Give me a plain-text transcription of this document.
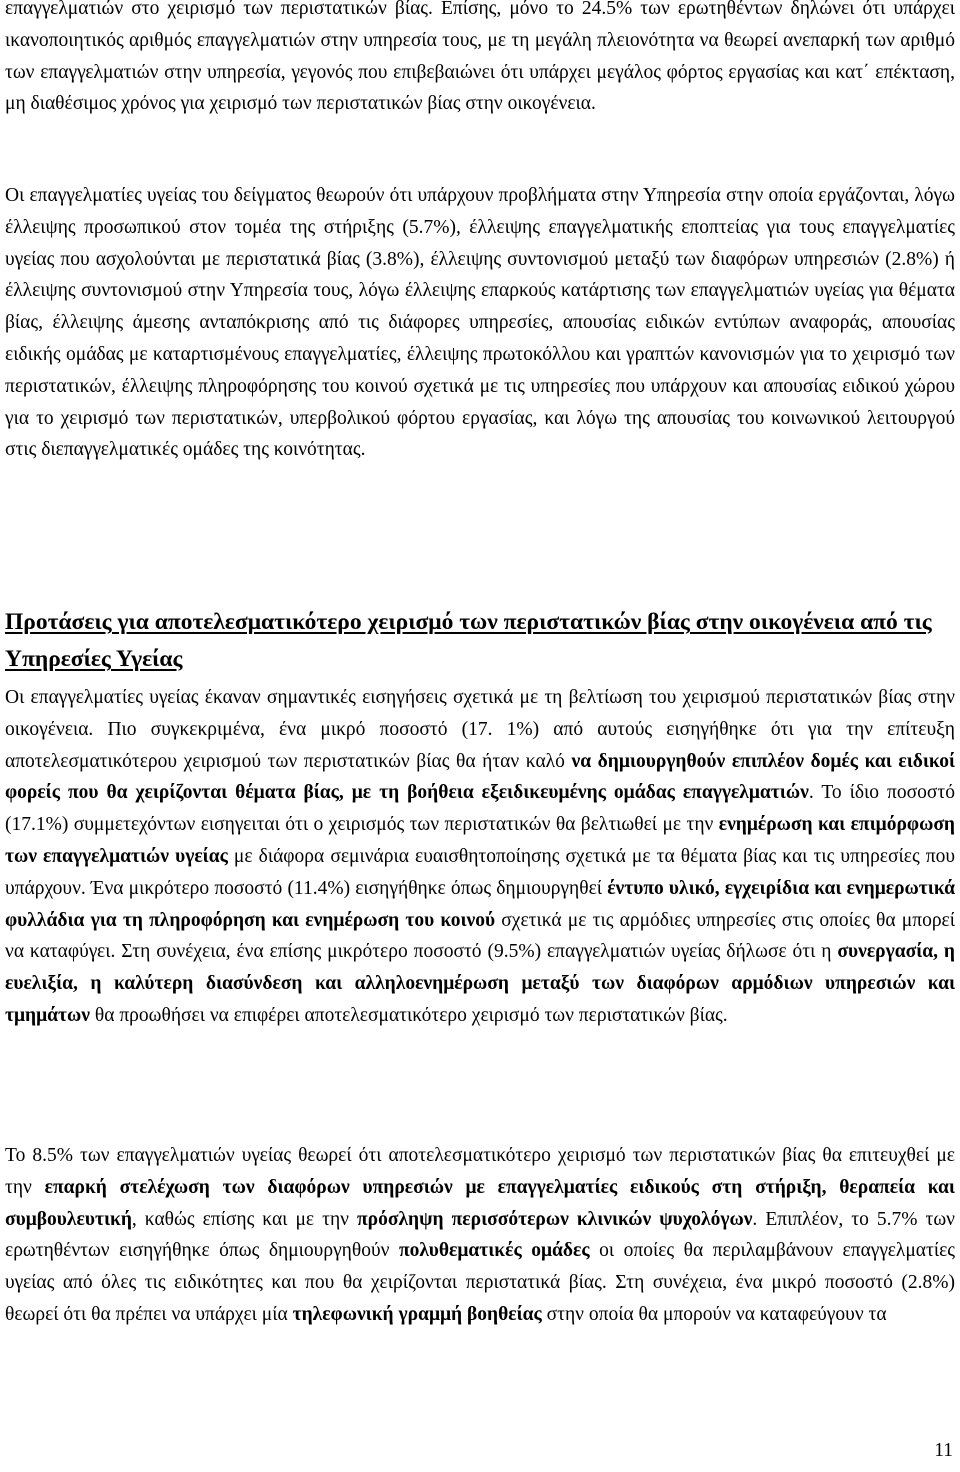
επαγγελματιών στο χειρισμό των περιστατικών βίας. Επίσης, μόνο το 24.5% των ερωτηθέντων δηλώνει ότι υπάρχει ικανοποιητικός αριθμός επαγγελματιών στην υπηρεσία τους, με τη μεγάλη πλειονότητα να θεωρεί ανεπαρκή των αριθμό των επαγγελματιών στην υπηρεσία, γεγονός που επιβεβαιώνει ότι υπάρχει μεγάλος φόρτος εργασίας και κατ΄ επέκταση, μη διαθέσιμος χρόνος για χειρισμό των περιστατικών βίας στην οικογένεια.

Οι επαγγελματίες υγείας του δείγματος θεωρούν ότι υπάρχουν προβλήματα στην Υπηρεσία στην οποία εργάζονται, λόγω έλλειψης προσωπικού στον τομέα της στήριξης (5.7%), έλλειψης επαγγελματικής εποπτείας για τους επαγγελματίες υγείας που ασχολούνται με περιστατικά βίας (3.8%), έλλειψης συντονισμού μεταξύ των διαφόρων υπηρεσιών (2.8%) ή έλλειψης συντονισμού στην Υπηρεσία τους, λόγω έλλειψης επαρκούς κατάρτισης των επαγγελματιών υγείας για θέματα βίας, έλλειψης άμεσης ανταπόκρισης από τις διάφορες υπηρεσίες, απουσίας ειδικών εντύπων αναφοράς, απουσίας ειδικής ομάδας με καταρτισμένους επαγγελματίες, έλλειψης πρωτοκόλλου και γραπτών κανονισμών για το χειρισμό των περιστατικών, έλλειψης πληροφόρησης του κοινού σχετικά με τις υπηρεσίες που υπάρχουν και απουσίας ειδικού χώρου για το χειρισμό των περιστατικών, υπερβολικού φόρτου εργασίας, και λόγω της απουσίας του κοινωνικού λειτουργού στις διεπαγγελματικές ομάδες της κοινότητας.

Προτάσεις για αποτελεσματικότερο χειρισμό των περιστατικών βίας στην οικογένεια από τις Υπηρεσίες Υγείας

Οι επαγγελματίες υγείας έκαναν σημαντικές εισηγήσεις σχετικά με τη βελτίωση του χειρισμού περιστατικών βίας στην οικογένεια. Πιο συγκεκριμένα, ένα μικρό ποσοστό (17. 1%) από αυτούς εισηγήθηκε ότι για την επίτευξη αποτελεσματικότερου χειρισμού των περιστατικών βίας θα ήταν καλό να δημιουργηθούν επιπλέον δομές και ειδικοί φορείς που θα χειρίζονται θέματα βίας, με τη βοήθεια εξειδικευμένης ομάδας επαγγελματιών. Το ίδιο ποσοστό (17.1%) συμμετεχόντων εισηγειται ότι ο χειρισμός των περιστατικών θα βελτιωθεί με την ενημέρωση και επιμόρφωση των επαγγελματιών υγείας με διάφορα σεμινάρια ευαισθητοποίησης σχετικά με τα θέματα βίας και τις υπηρεσίες που υπάρχουν. Ένα μικρότερο ποσοστό (11.4%) εισηγήθηκε όπως δημιουργηθεί έντυπο υλικό, εγχειρίδια και ενημερωτικά φυλλάδια για τη πληροφόρηση και ενημέρωση του κοινού σχετικά με τις αρμόδιες υπηρεσίες στις οποίες θα μπορεί να καταφύγει. Στη συνέχεια, ένα επίσης μικρότερο ποσοστό (9.5%) επαγγελματιών υγείας δήλωσε ότι η συνεργασία, η ευελιξία, η καλύτερη διασύνδεση και αλληλοενημέρωση μεταξύ των διαφόρων αρμόδιων υπηρεσιών και τμημάτων θα προωθήσει να επιφέρει αποτελεσματικότερο χειρισμό των περιστατικών βίας.

Το 8.5% των επαγγελματιών υγείας θεωρεί ότι αποτελεσματικότερο χειρισμό των περιστατικών βίας θα επιτευχθεί με την επαρκή στελέχωση των διαφόρων υπηρεσιών με επαγγελματίες ειδικούς στη στήριξη, θεραπεία και συμβουλευτική, καθώς επίσης και με την πρόσληψη περισσότερων κλινικών ψυχολόγων. Επιπλέον, το 5.7% των ερωτηθέντων εισηγήθηκε όπως δημιουργηθούν πολυθεματικές ομάδες οι οποίες θα περιλαμβάνουν επαγγελματίες υγείας από όλες τις ειδικότητες και που θα χειρίζονται περιστατικά βίας. Στη συνέχεια, ένα μικρό ποσοστό (2.8%) θεωρεί ότι θα πρέπει να υπάρχει μία τηλεφωνική γραμμή βοηθείας στην οποία θα μπορούν να καταφεύγουν τα

11
